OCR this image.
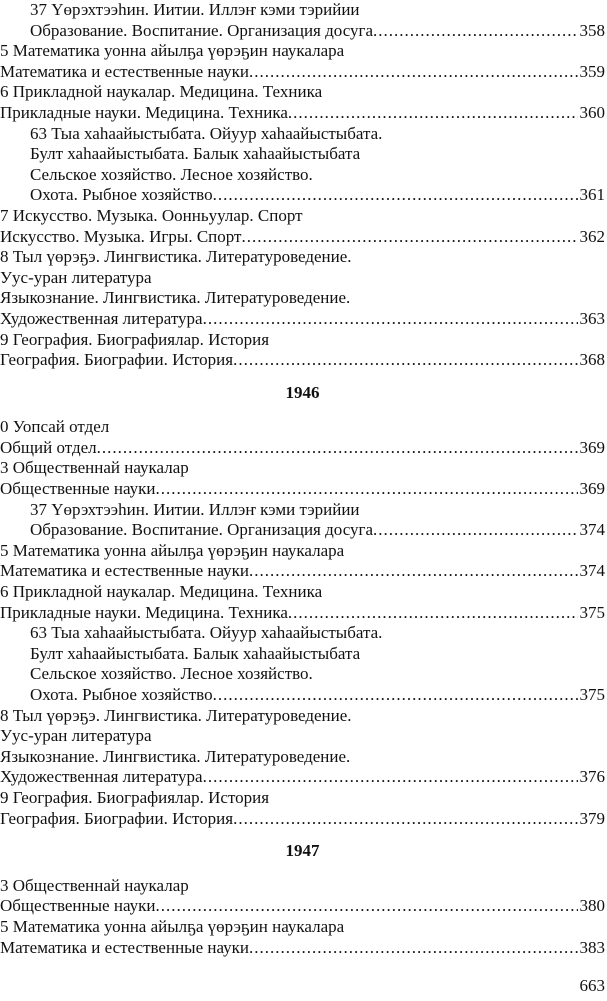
37 Үөрэхтээһин. Иитии. Иллэҥ кэми тэрийии
Образование. Воспитание. Организация досуга .....	358
5 Математика уонна айылҕа үөрэҕин наукалара
Математика и естественные науки .....	359
6 Прикладной наукалар. Медицина. Техника
Прикладные науки. Медицина. Техника .....	360
63 Тыа хаһаайыстыбата. Ойуур хаһаайыстыбата.
Булт хаһаайыстыбата. Балык хаһаайыстыбата
Сельское хозяйство. Лесное хозяйство.
Охота. Рыбное хозяйство .....	361
7 Искусство. Музыка. Оонньуулар. Спорт
Искусство. Музыка. Игры. Спорт .....	362
8 Тыл үөрэҕэ. Лингвистика. Литературоведение.
Уус-уран литература
Языкознание. Лингвистика. Литературоведение.
Художественная литература .....	363
9 География. Биографиялар. История
География. Биографии. История .....	368
1946
0 Уопсай отдел
Общий отдел .....	369
3 Общественнай наукалар
Общественные науки .....	369
37 Үөрэхтээһин. Иитии. Иллэҥ кэми тэрийии
Образование. Воспитание. Организация досуга .....	374
5 Математика уонна айылҕа үөрэҕин наукалара
Математика и естественные науки .....	374
6 Прикладной наукалар. Медицина. Техника
Прикладные науки. Медицина. Техника .....	375
63 Тыа хаһаайыстыбата. Ойуур хаһаайыстыбата.
Булт хаһаайыстыбата. Балык хаһаайыстыбата
Сельское хозяйство. Лесное хозяйство.
Охота. Рыбное хозяйство .....	375
8 Тыл үөрэҕэ. Лингвистика. Литературоведение.
Уус-уран литература
Языкознание. Лингвистика. Литературоведение.
Художественная литература .....	376
9 География. Биографиялар. История
География. Биографии. История .....	379
1947
3 Общественнай наукалар
Общественные науки .....	380
5 Математика уонна айылҕа үөрэҕин наукалара
Математика и естественные науки .....	383
663
